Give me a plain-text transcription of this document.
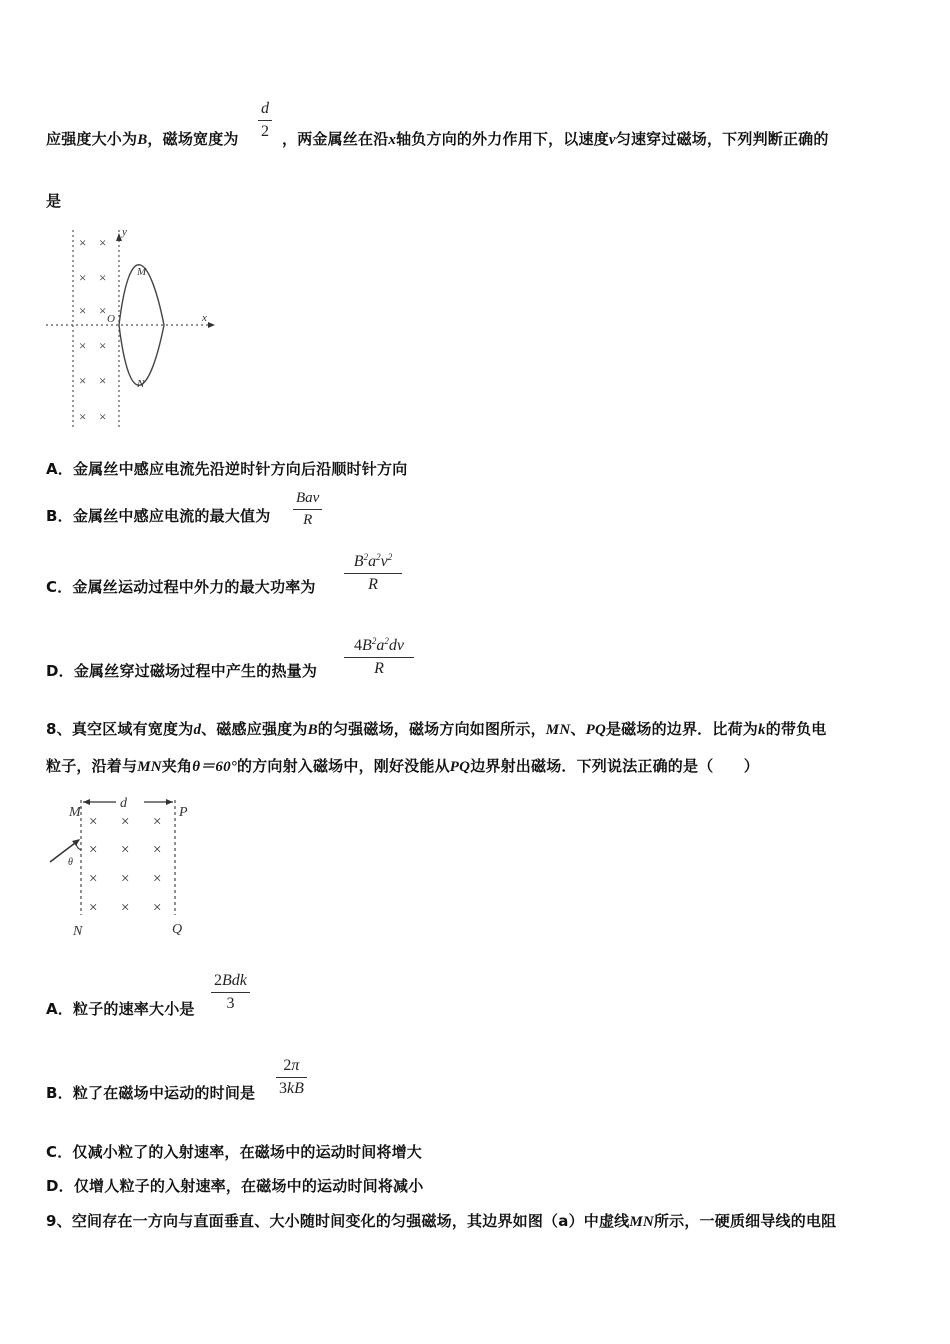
应强度大小为B，磁场宽度为
d
2 ，两金属丝在沿x轴负方向的外力作用下，以速度v匀速穿过磁场，下列判断正确的
是
× ×
× ×
× ×
× ×
× ×
× ×
y
x
O
M
N
A．金属丝中感应电流先沿逆时针方向后沿顺时针方向
B．金属丝中感应电流的最大值为
Bav
R
C．金属丝运动过程中外力的最大功率为
$B^2a^2v^2$
R
D．金属丝穿过磁场过程中产生的热量为
$4B^2a^2dv$
R
8、真空区域有宽度为d、磁感应强度为B的匀强磁场，磁场方向如图所示，MN、PQ是磁场的边界．比荷为k的带负电
粒子，沿着与MN夹角θ＝60°的方向射入磁场中，刚好没能从PQ边界射出磁场．下列说法正确的是（　　）
d
M	P
N	Q
× × ×
× × ×
× × ×
× × ×
θ
A．粒子的速率大小是
2Bdk
3
B．粒了在磁场中运动的时间是
2π
3kB
C．仅减小粒了的入射速率，在磁场中的运动时间将增大
D．仅增人粒子的入射速率，在磁场中的运动时间将减小
9、空间存在一方向与直面垂直、大小随时间变化的匀强磁场，其边界如图（a）中虚线MN所示，一硬质细导线的电阻
